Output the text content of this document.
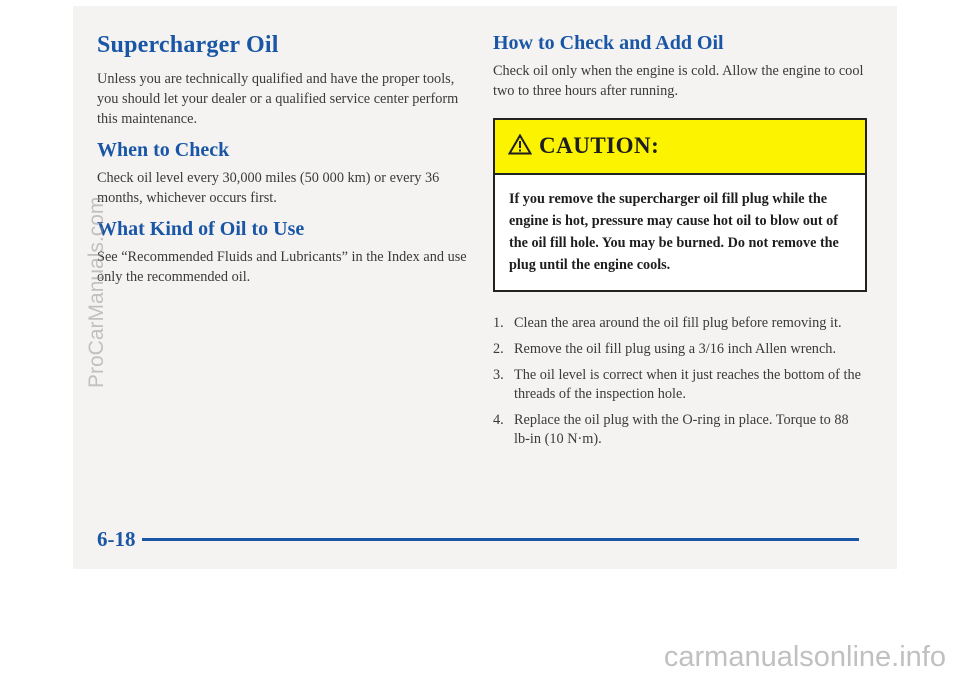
Supercharger Oil

Unless you are technically qualified and have the proper tools, you should let your dealer or a qualified service center perform this maintenance.

When to Check

Check oil level every 30,000 miles (50 000 km) or every 36 months, whichever occurs first.

What Kind of Oil to Use

See “Recommended Fluids and Lubricants” in the Index and use only the recommended oil.

How to Check and Add Oil

Check oil only when the engine is cold. Allow the engine to cool two to three hours after running.

CAUTION:
If you remove the supercharger oil fill plug while the engine is hot, pressure may cause hot oil to blow out of the oil fill hole. You may be burned. Do not remove the plug until the engine cools.
1. Clean the area around the oil fill plug before removing it.
2. Remove the oil fill plug using a 3/16 inch Allen wrench.
3. The oil level is correct when it just reaches the bottom of the threads of the inspection hole.
4. Replace the oil plug with the O-ring in place. Torque to 88 lb-in (10 N·m).
6-18
ProCarManuals.com
carmanualsonline.info
